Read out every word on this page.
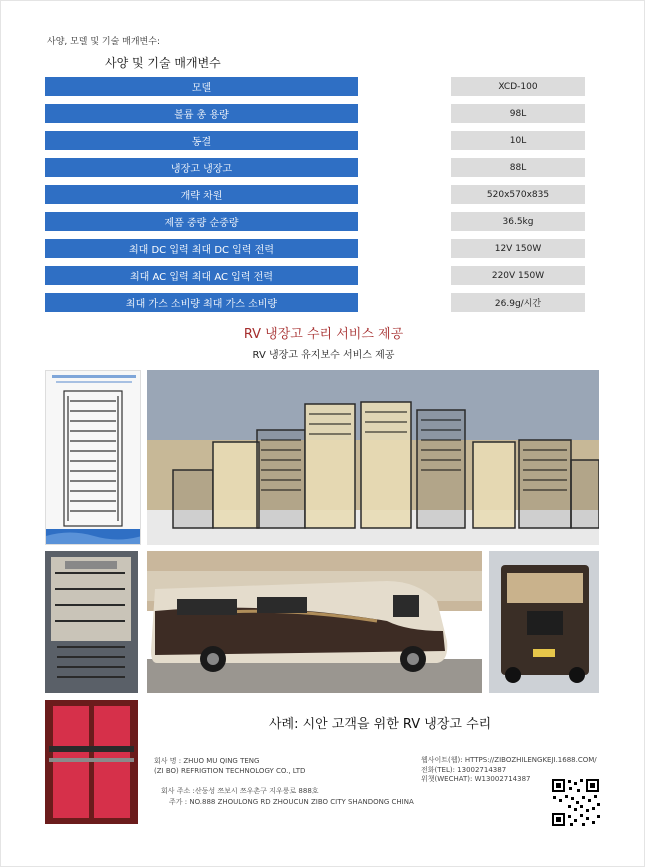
사양, 모델 및 기술 매개변수:
사양 및 기술 매개변수
모델	XCD-100
볼륨 총 용량	98L
동결	10L
냉장고 냉장고	88L
개략 차원	520x570x835
제품 중량 순중량	36.5kg
최대 DC 입력 최대 DC 입력 전력	12V 150W
최대 AC 입력 최대 AC 입력 전력	220V 150W
최대 가스 소비량 최대 가스 소비량	26.9g/시간
RV 냉장고 수리 서비스 제공
RV 냉장고 유지보수 서비스 제공
사례: 시안 고객을 위한 RV 냉장고 수리
회사 명 : ZHUO MU QING TENG
(ZI BO) REFRIGTION TECHNOLOGY CO., LTD
회사 주소 :산둥성 쯔보시 쯔우촌구 지우룽로 888호
주가 : NO.888 ZHOULONG RD ZHOUCUN ZIBO CITY SHANDONG CHINA
웹사이트(웹): HTTPS://ZIBOZHILENGKEJI.1688.COM/
전화(TEL): 13002714387
위챗(WECHAT): W13002714387
